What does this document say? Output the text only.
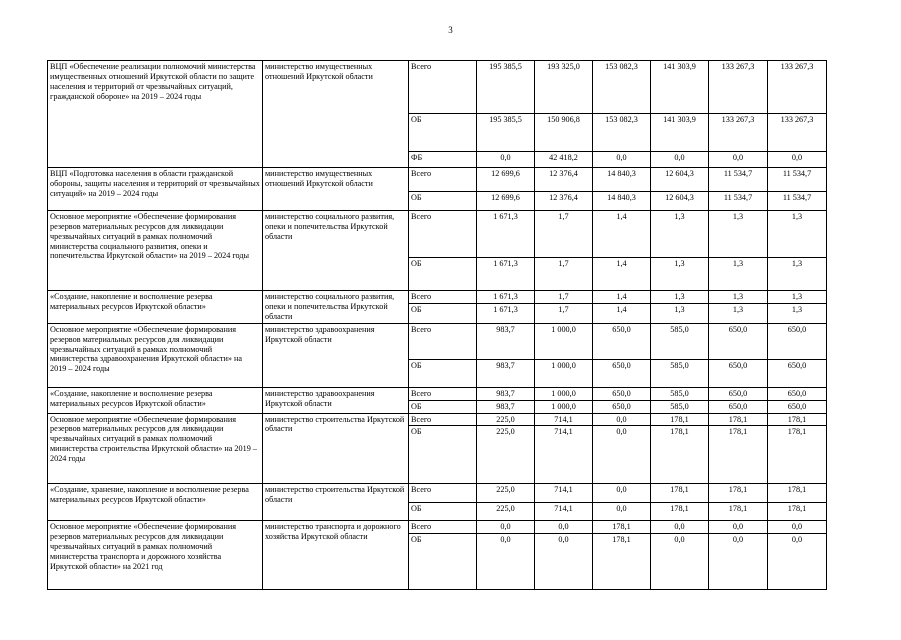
3
ВЦП «Обеспечение реализации полномочий министерства имущественных отношений Иркутской области по защите населения и территорий от чрезвычайных ситуаций, гражданской обороне» на 2019 – 2024 годы	министерство имущественных отношений Иркутской области	Всего	195 385,5	193 325,0	153 082,3	141 303,9	133 267,3	133 267,3
		ОБ	195 385,5	150 906,8	153 082,3	141 303,9	133 267,3	133 267,3
		ФБ	0,0	42 418,2	0,0	0,0	0,0	0,0
ВЦП «Подготовка населения в области гражданской обороны, защиты населения и территорий от чрезвычайных ситуаций» на 2019 – 2024 годы	министерство имущественных отношений Иркутской области	Всего	12 699,6	12 376,4	14 840,3	12 604,3	11 534,7	11 534,7
		ОБ	12 699,6	12 376,4	14 840,3	12 604,3	11 534,7	11 534,7
Основное мероприятие «Обеспечение формирования резервов материальных ресурсов для ликвидации чрезвычайных ситуаций в рамках полномочий министерства социального развития, опеки и попечительства Иркутской области» на 2019 – 2024 годы	министерство социального развития, опеки и попечительства Иркутской области	Всего	1 671,3	1,7	1,4	1,3	1,3	1,3
		ОБ	1 671,3	1,7	1,4	1,3	1,3	1,3
«Создание, накопление и восполнение резерва материальных ресурсов Иркутской области»	министерство социального развития, опеки и попечительства Иркутской области	Всего	1 671,3	1,7	1,4	1,3	1,3	1,3
		ОБ	1 671,3	1,7	1,4	1,3	1,3	1,3
Основное мероприятие «Обеспечение формирования резервов материальных ресурсов для ликвидации чрезвычайных ситуаций в рамках полномочий министерства здравоохранения Иркутской области» на 2019 – 2024 годы	министерство здравоохранения Иркутской области	Всего	983,7	1 000,0	650,0	585,0	650,0	650,0
		ОБ	983,7	1 000,0	650,0	585,0	650,0	650,0
«Создание, накопление и восполнение резерва материальных ресурсов Иркутской области»	министерство здравоохранения Иркутской области	Всего	983,7	1 000,0	650,0	585,0	650,0	650,0
		ОБ	983,7	1 000,0	650,0	585,0	650,0	650,0
Основное мероприятие «Обеспечение формирования резервов материальных ресурсов для ликвидации чрезвычайных ситуаций в рамках полномочий министерства строительства Иркутской области» на 2019 – 2024 годы	министерство строительства Иркутской области	Всего	225,0	714,1	0,0	178,1	178,1	178,1
		ОБ	225,0	714,1	0,0	178,1	178,1	178,1
«Создание, хранение, накопление и восполнение резерва материальных ресурсов Иркутской области»	министерство строительства Иркутской области	Всего	225,0	714,1	0,0	178,1	178,1	178,1
		ОБ	225,0	714,1	0,0	178,1	178,1	178,1
Основное мероприятие «Обеспечение формирования резервов материальных ресурсов для ликвидации чрезвычайных ситуаций в рамках полномочий министерства транспорта и дорожного хозяйства Иркутской области» на 2021 год	министерство транспорта и дорожного хозяйства Иркутской области	Всего	0,0	0,0	178,1	0,0	0,0	0,0
		ОБ	0,0	0,0	178,1	0,0	0,0	0,0
